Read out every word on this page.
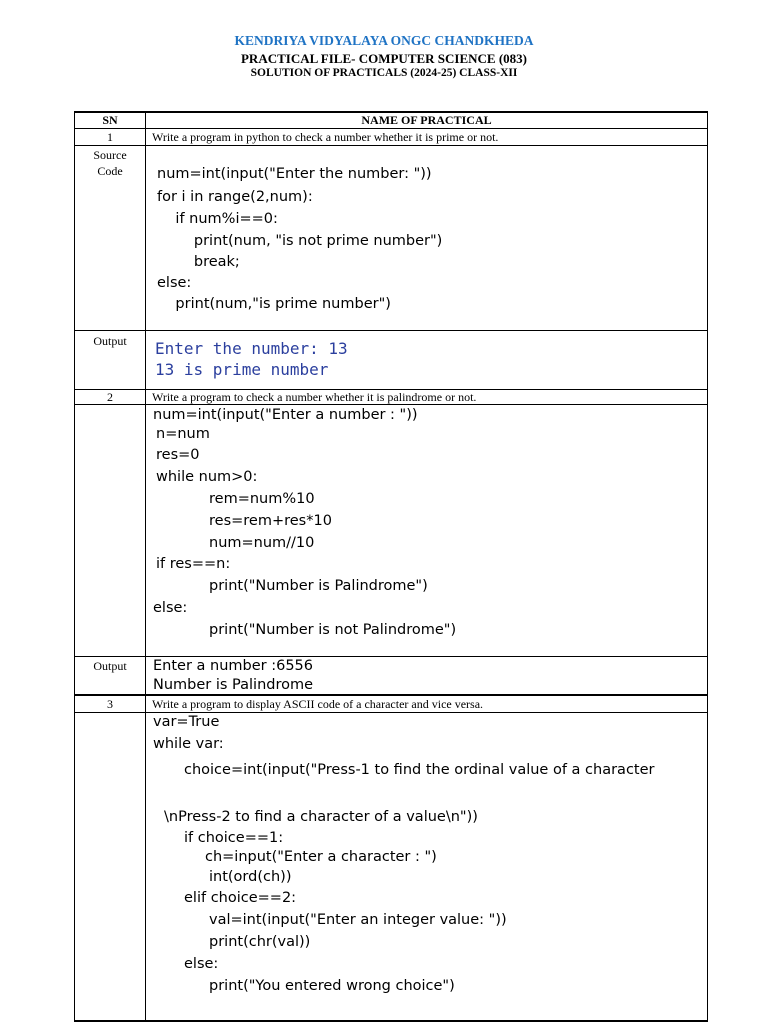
KENDRIYA VIDYALAYA ONGC CHANDKHEDA
PRACTICAL FILE- COMPUTER SCIENCE (083)
SOLUTION OF PRACTICALS (2024-25) CLASS-XII
SN	NAME OF PRACTICAL
1	Write a program in python to check a number whether it is prime or not.
Source
Code	num=int(input("Enter the number: "))
for i in range(2,num):
if num%i==0:
print(num, "is not prime number")
break;
else:
print(num,"is prime number")
Output	Enter the number: 13
13 is prime number
2	Write a program to check a number whether it is palindrome or not.
num=int(input("Enter a number : "))
n=num
res=0
while num>0:
rem=num%10
res=rem+res*10
num=num//10
if res==n:
print("Number is Palindrome")
else:
print("Number is not Palindrome")
Output	Enter a number :6556
Number is Palindrome
3	Write a program to display ASCII code of a character and vice versa.
var=True
while var:
choice=int(input("Press-1 to find the ordinal value of a character
\nPress-2 to find a character of a value\n"))
if choice==1:
ch=input("Enter a character : ")
int(ord(ch))
elif choice==2:
val=int(input("Enter an integer value: "))
print(chr(val))
else:
print("You entered wrong choice")
